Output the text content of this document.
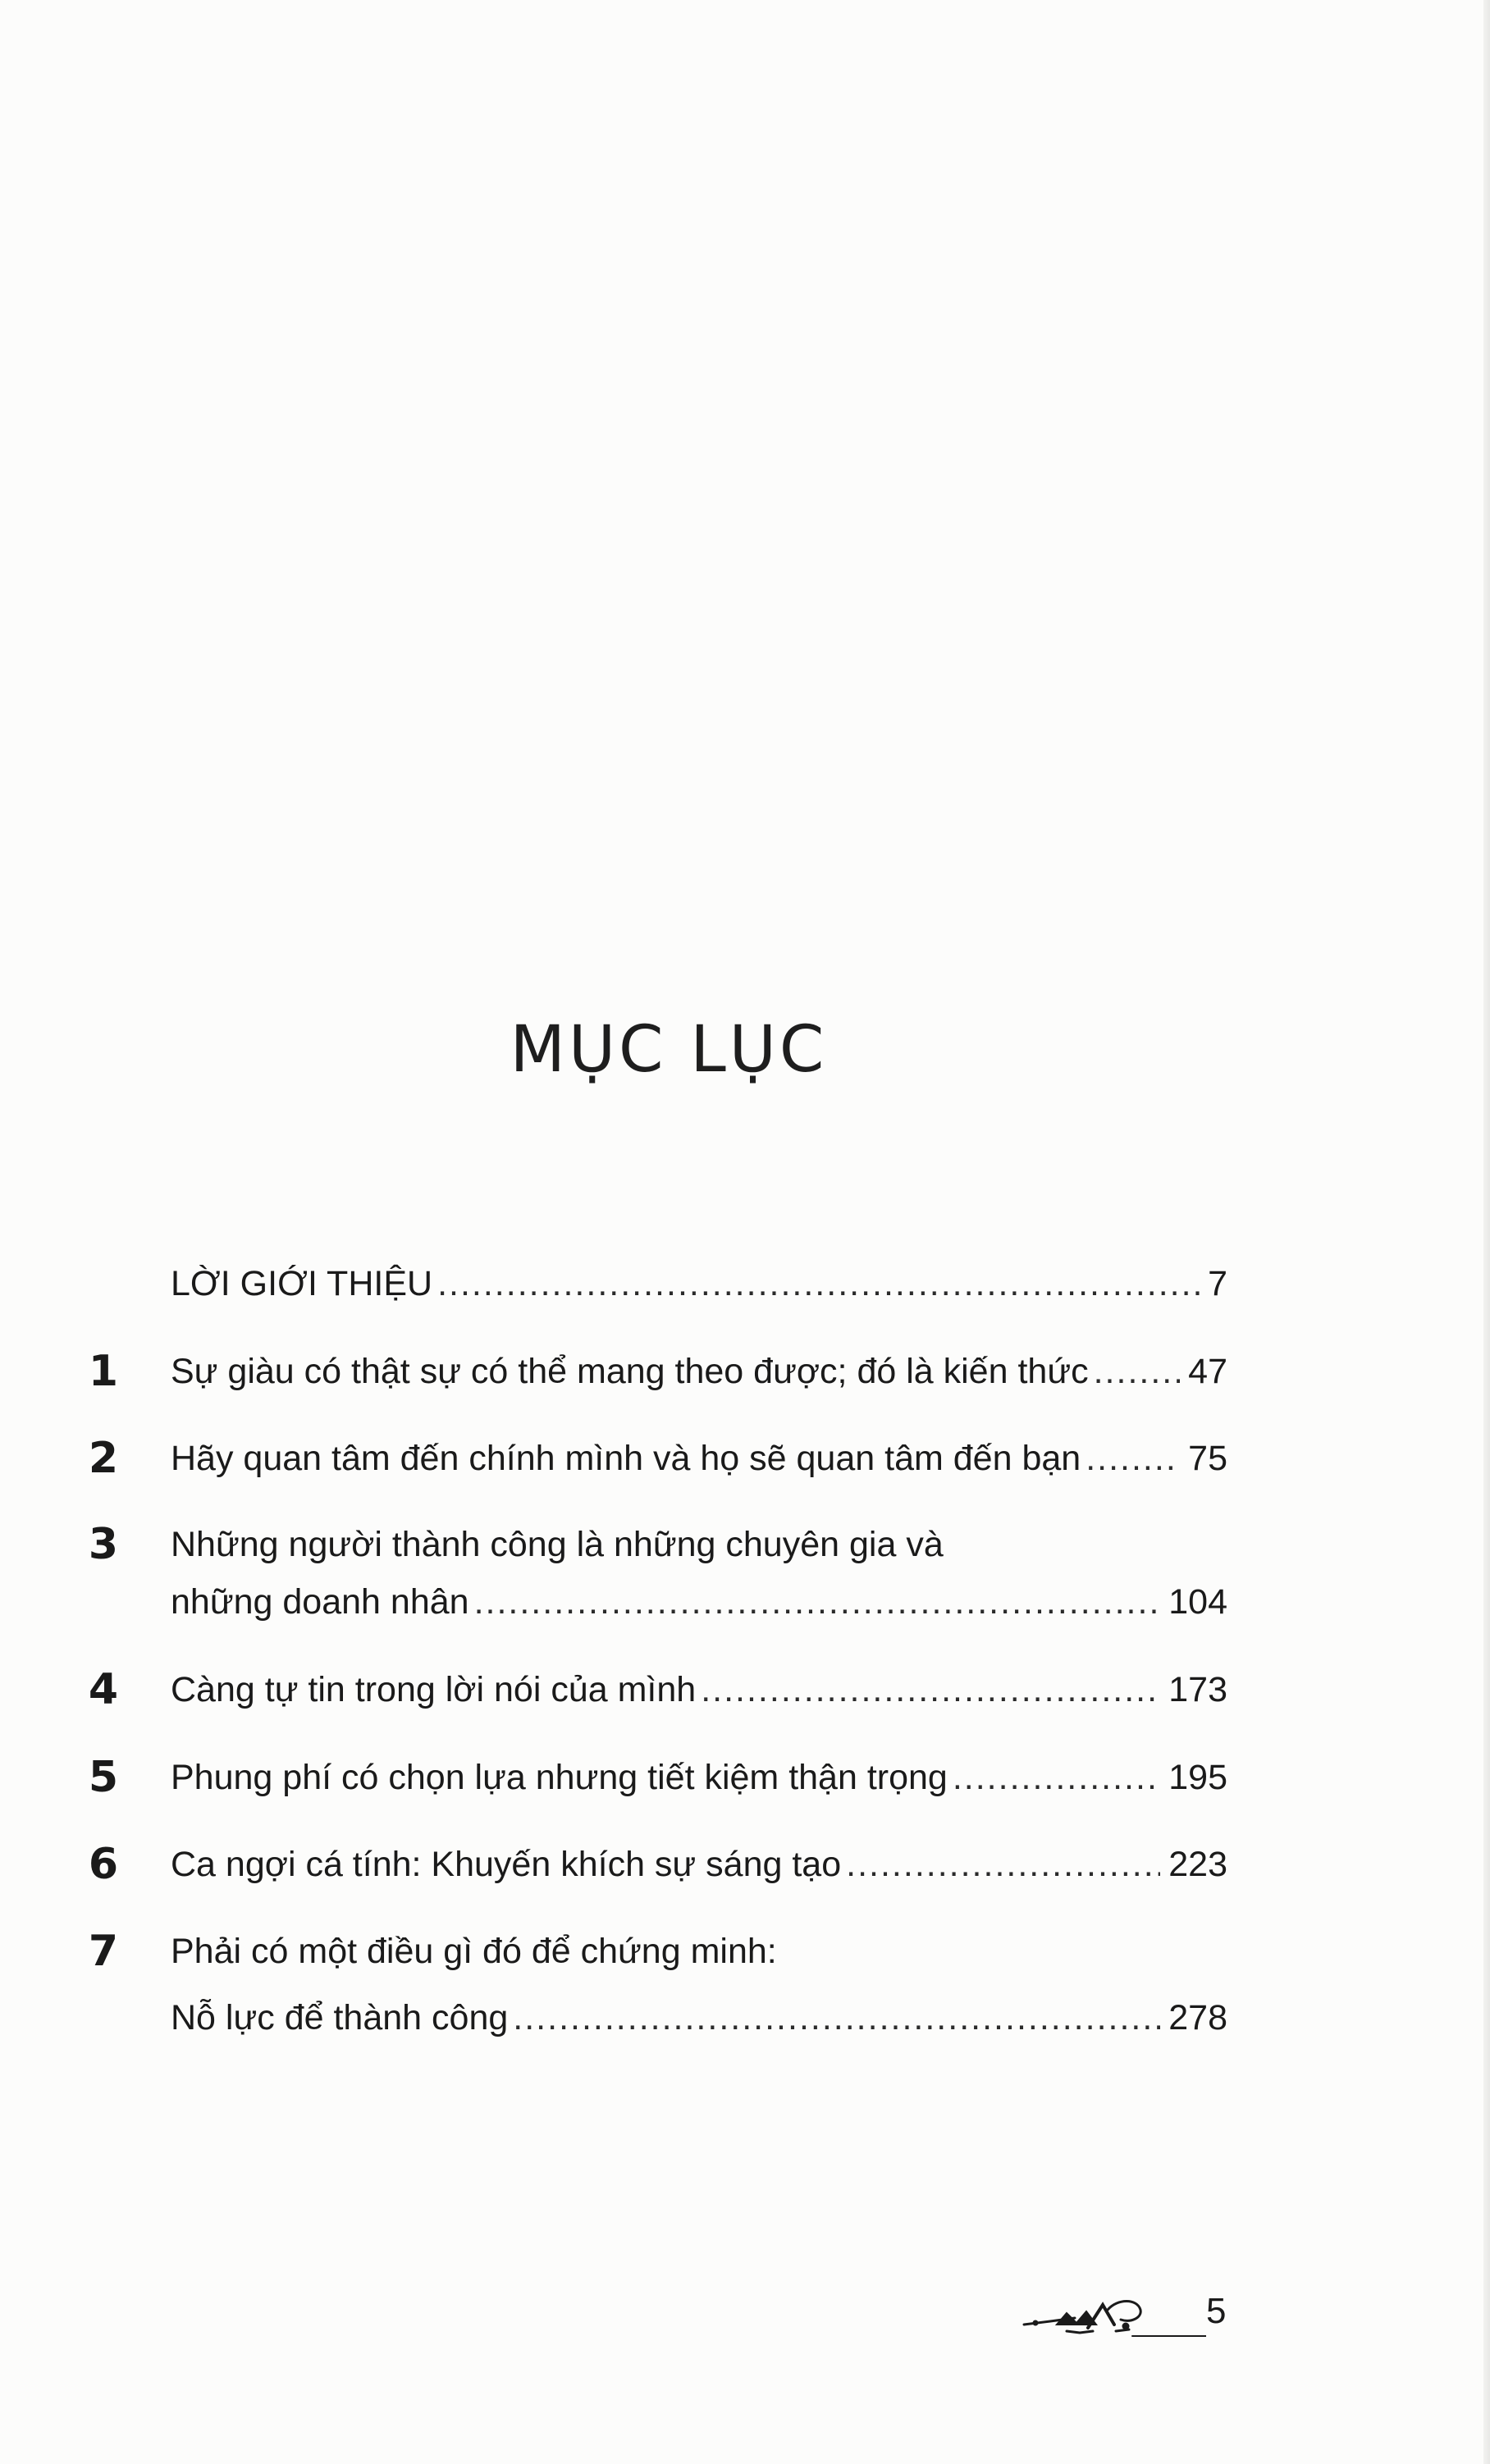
MỤC LỤC
LỜI GIỚI THIỆU .....	7
1 Sự giàu có thật sự có thể mang theo được; đó là kiến thức .....	47
2 Hãy quan tâm đến chính mình và họ sẽ quan tâm đến bạn .....	75
3 Những người thành công là những chuyên gia và
những doanh nhân .....	104
4 Càng tự tin trong lời nói của mình .....	173
5 Phung phí có chọn lựa nhưng tiết kiệm thận trọng .....	195
6 Ca ngợi cá tính: Khuyến khích sự sáng tạo .....	223
7 Phải có một điều gì đó để chứng minh:
Nỗ lực để thành công .....	278
5
